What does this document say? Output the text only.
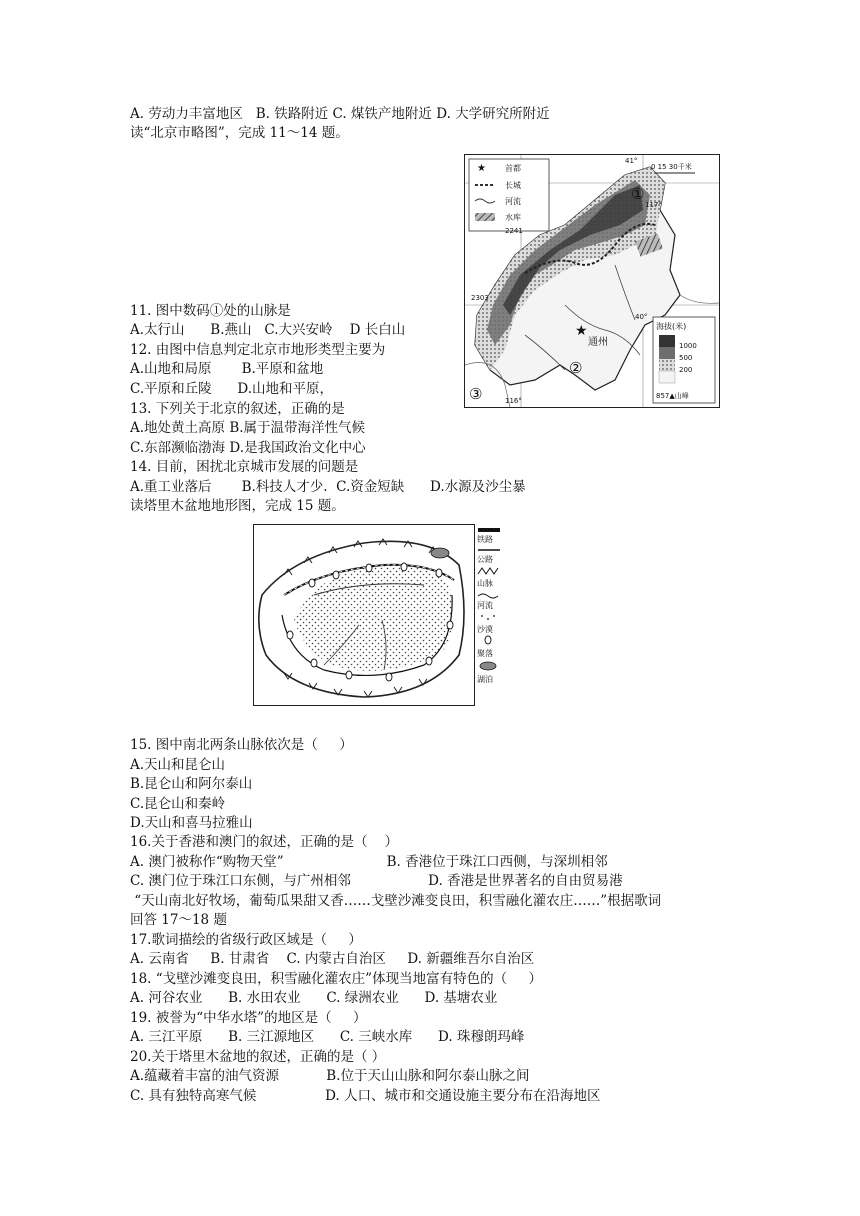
A. 劳动力丰富地区   B. 铁路附近 C. 煤铁产地附近 D. 大学研究所附近
读“北京市略图”，完成 11～14 题。
11. 图中数码①处的山脉是
A.太行山      B.燕山   C.大兴安岭    D 长白山
12. 由图中信息判定北京市地形类型主要为
A.山地和局原       B.平原和盆地
C.平原和丘陵      D.山地和平原，
13. 下列关于北京的叙述，正确的是
A.地处黄土高原 B.属于温带海洋性气候
C.东部濒临渤海 D.是我国政治文化中心
14. 目前，困扰北京城市发展的问题是
A.重工业落后       B.科技人才少.  C.资金短缺      D.水源及沙尘暴
读塔里木盆地地形图，完成 15 题。
15. 图中南北两条山脉依次是（     ）
A.天山和昆仑山
B.昆仑山和阿尔泰山
C.昆仑山和秦岭
D.天山和喜马拉雅山
16.关于香港和澳门的叙述，正确的是（    ）
A. 澳门被称作“购物天堂”                        B. 香港位于珠江口西侧，与深圳相邻
C. 澳门位于珠江口东侧，与广州相邻                  D. 香港是世界著名的自由贸易港
“天山南北好牧场，葡萄瓜果甜又香……戈壁沙滩变良田，积雪融化灌农庄……”根据歌词
回答 17～18 题
17.歌词描绘的省级行政区域是（     ）
A. 云南省     B. 甘肃省    C. 内蒙古自治区     D. 新疆维吾尔自治区
18. “戈壁沙滩变良田，积雪融化灌农庄”体现当地富有特色的（     ）
A. 河谷农业      B. 水田农业      C. 绿洲农业      D. 基塘农业
19. 被誉为“中华水塔”的地区是（     ）
A. 三江平原      B. 三江源地区      C. 三峡水库      D. 珠穆朗玛峰
20.关于塔里木盆地的叙述，正确的是（ ）
A.蕴藏着丰富的油气资源           B.位于天山山脉和阿尔泰山脉之间
C. 具有独特高寒气候                D. 人口、城市和交通设施主要分布在沿海地区
★
★ 首都
长城
河流
水库
0 15 30千米
41°
117°
40°
116°
2241
2303
①
②
③
通州
海拔(米)
1000
500
200
857▲山峰
铁路
公路
山脉
河流
沙漠
聚落
湖泊
